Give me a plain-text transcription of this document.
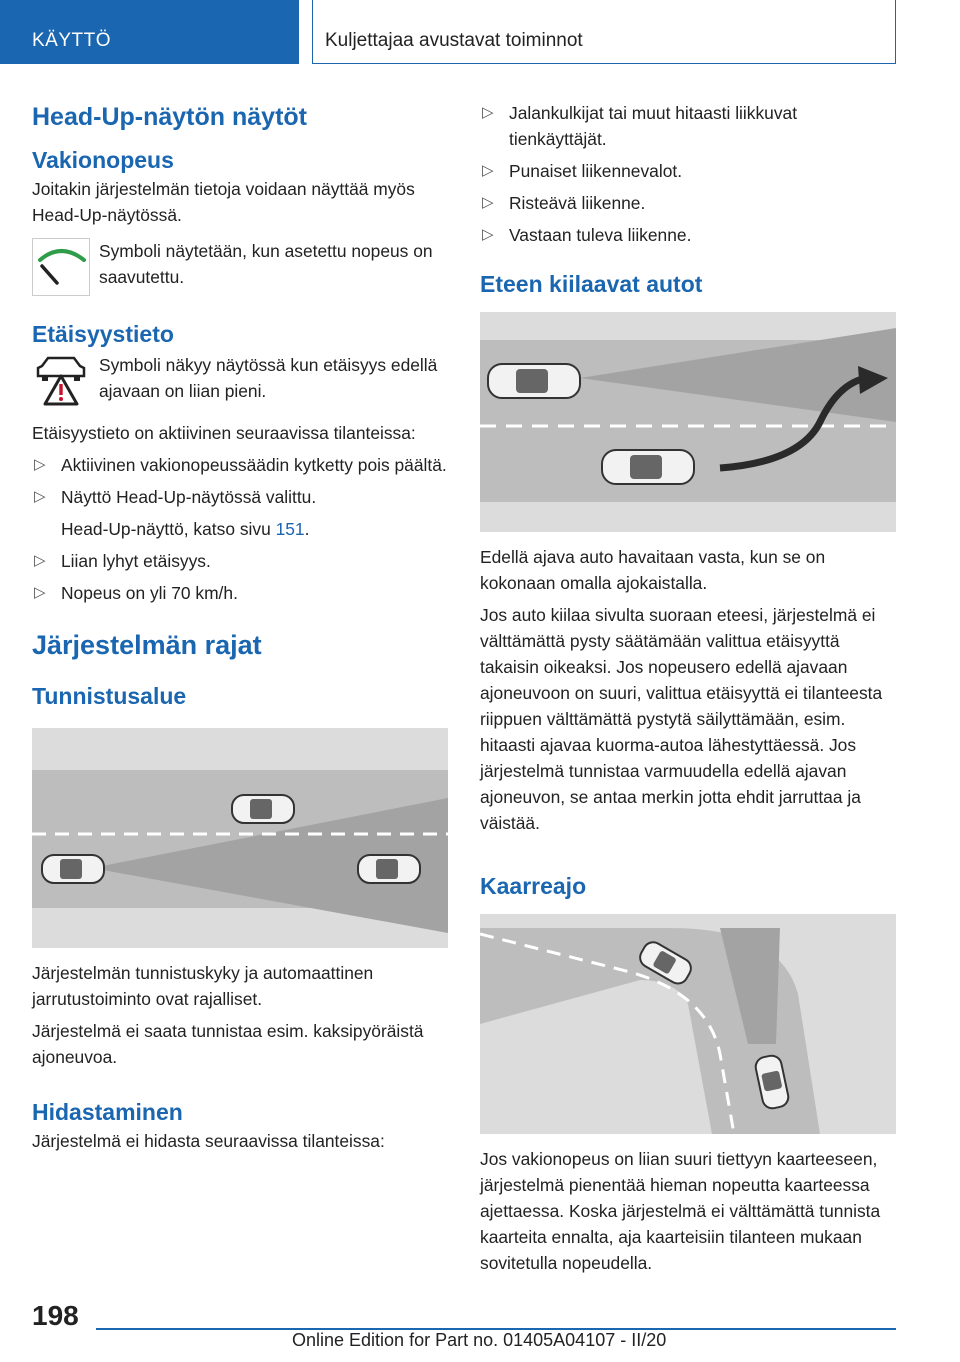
KÄYTTÖ	Kuljettajaa avustavat toiminnot
Head-Up-näytön näytöt
Vakionopeus

Joitakin järjestelmän tietoja voidaan näyttää myös Head-Up-näytössä.

Symboli näytetään, kun asetettu nopeus on saavutettu.

Etäisyystieto

Symboli näkyy näytössä kun etäisyys edellä ajavaan on liian pieni.

Etäisyystieto on aktiivinen seuraavissa tilanteissa:

▷ Aktiivinen vakionopeussäädin kytketty pois päältä.
▷ Näyttö Head-Up-näytössä valittu.
Head-Up-näyttö, katso sivu 151.
▷ Liian lyhyt etäisyys.
▷ Nopeus on yli 70 km/h.
Järjestelmän rajat
Tunnistusalue

Järjestelmän tunnistuskyky ja automaattinen jarrutustoiminto ovat rajalliset.

Järjestelmä ei saata tunnistaa esim. kaksipyöräistä ajoneuvoa.

Hidastaminen

Järjestelmä ei hidasta seuraavissa tilanteissa:

▷ Jalankulkijat tai muut hitaasti liikkuvat tienkäyttäjät.
▷ Punaiset liikennevalot.
▷ Risteävä liikenne.
▷ Vastaan tuleva liikenne.
Eteen kiilaavat autot

Edellä ajava auto havaitaan vasta, kun se on kokonaan omalla ajokaistalla.

Jos auto kiilaa sivulta suoraan eteesi, järjestelmä ei välttämättä pysty säätämään valittua etäisyyttä takaisin oikeaksi. Jos nopeusero edellä ajavaan ajoneuvoon on suuri, valittua etäisyyttä ei tilanteesta riippuen välttämättä pystytä säilyttämään, esim. hitaasti ajavaa kuorma-autoa lähestyttäessä. Jos järjestelmä tunnistaa varmuudella edellä ajavan ajoneuvon, se antaa merkin jotta ehdit jarruttaa ja väistää.

Kaarreajo

Jos vakionopeus on liian suuri tiettyyn kaarteeseen, järjestelmä pienentää hieman nopeutta kaarteessa ajettaessa. Koska järjestelmä ei välttämättä tunnista kaarteita ennalta, aja kaarteisiin tilanteen mukaan sovitetulla nopeudella.

198
Online Edition for Part no. 01405A04107 - II/20
